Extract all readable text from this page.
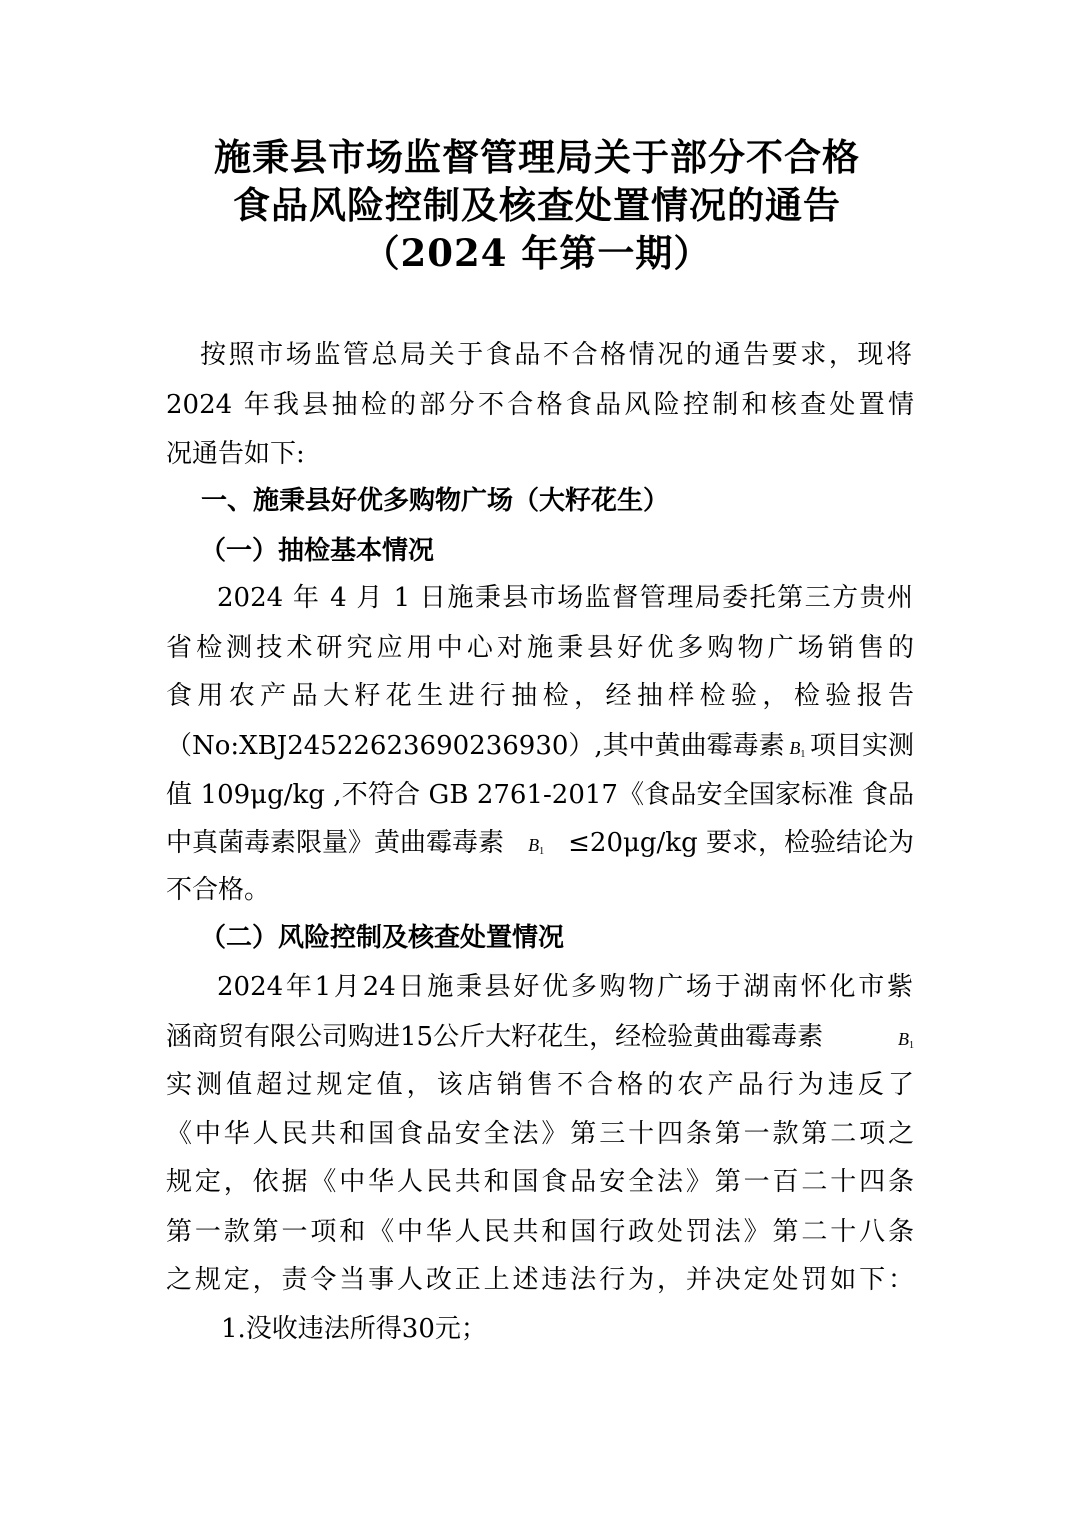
施秉县市场监督管理局关于部分不合格
食品风险控制及核查处置情况的通告
（2024 年第一期）
按照市场监管总局关于食品不合格情况的通告要求，现将
2024 年我县抽检的部分不合格食品风险控制和核查处置情
况通告如下:
一、施秉县好优多购物广场（大籽花生）
（一）抽检基本情况
2024 年 4 月 1 日施秉县市场监督管理局委托第三方贵州
省检测技术研究应用中心对施秉县好优多购物广场销售的
食用农产品大籽花生进行抽检，经抽样检验，检验报告
（No:XBJ24522623690236930）,其中黄曲霉毒素 $B_1$ 项目实测
值 109μg/kg ,不符合 GB 2761-2017《食品安全国家标准 食品
中真菌毒素限量》黄曲霉毒素 $B_1 \le 20\mu g/kg$ 要求，检验结论为
不合格。
（二）风险控制及核查处置情况
2024年1月24日施秉县好优多购物广场于湖南怀化市紫
涵商贸有限公司购进15公斤大籽花生，经检验黄曲霉毒素	$B_1$
实测值超过规定值，该店销售不合格的农产品行为违反了
《中华人民共和国食品安全法》第三十四条第一款第二项之
规定，依据《中华人民共和国食品安全法》第一百二十四条
第一款第一项和《中华人民共和国行政处罚法》第二十八条
之规定，责令当事人改正上述违法行为，并决定处罚如下：
1.没收违法所得30元；
